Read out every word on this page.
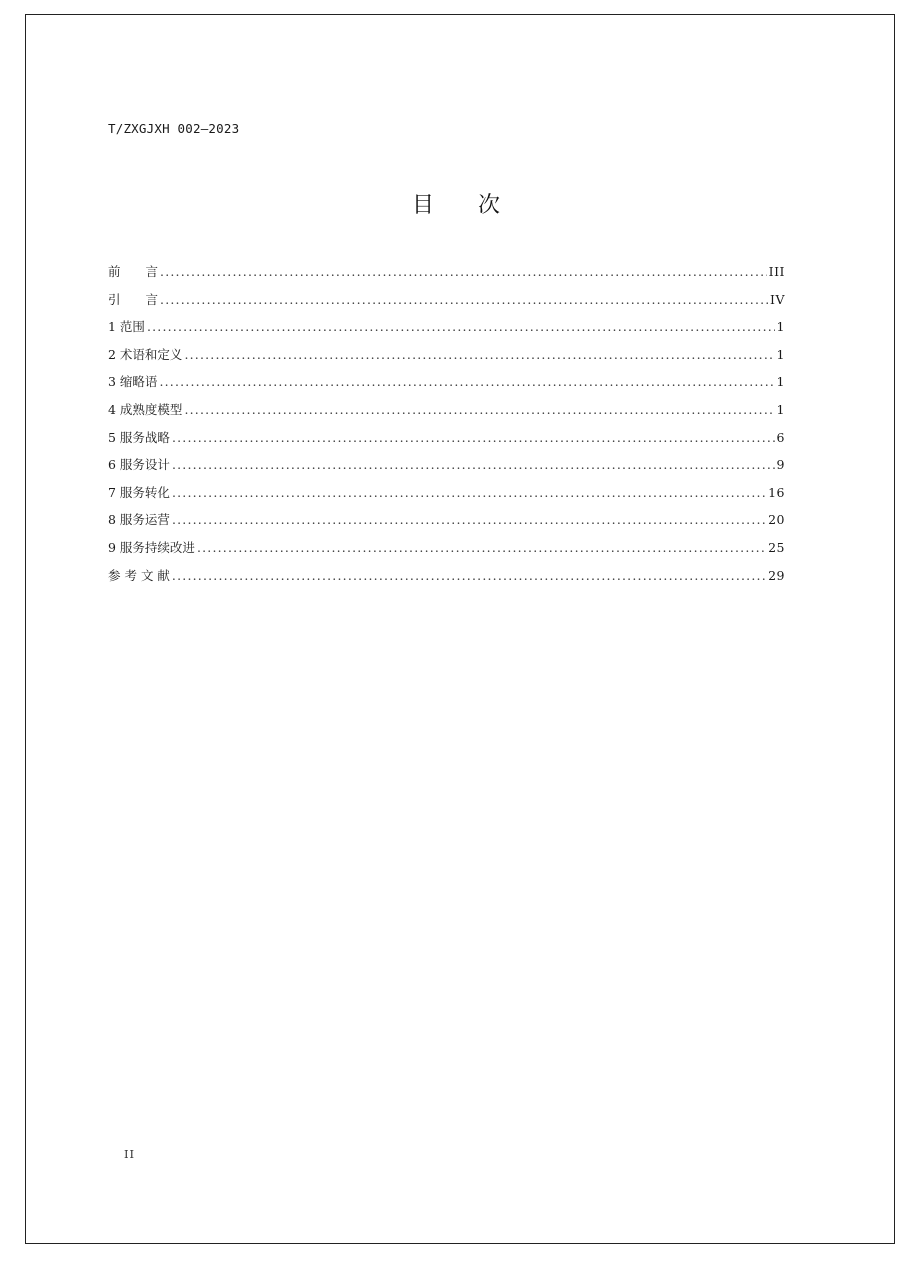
T/ZXGJXH 002—2023
目 次
前　　言 .....	III
引　　言 .....	IV
1 范围 .....	1
2 术语和定义 .....	1
3 缩略语 .....	1
4 成熟度模型 .....	1
5 服务战略 .....	6
6 服务设计 .....	9
7 服务转化 .....	16
8 服务运营 .....	20
9 服务持续改进 .....	25
参 考 文 献 .....	29
II
